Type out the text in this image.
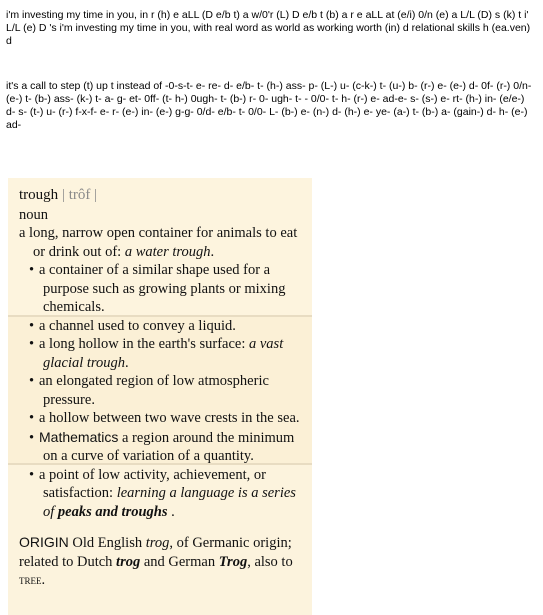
i'm investing my time in you, in r (h) e aLL (D e/b t) a w/0'r (L) D e/b t (b) a r e aLL at (e/i) 0/n (e) a L/L (D) s (k) t i' L/L (e) D 's i'm investing my time in you, with real word as world as working worth (in) d relational skills h (ea.ven) d

it's a call to step (t) up t instead of -0-s-t- e- re- d- e/b- t- (h-) ass- p- (L-) u- (c-k-) t- (u-) b- (r-) e- (e-) d- 0f- (r-) 0/n- (e-) t- (b-) ass- (k-) t- a- g- et- 0ff- (t- h-) 0ugh- t- (b-) r- 0- ugh- t- - 0/0- t- h- (r-) e- ad-e- s- (s-) e- rt- (h-) in- (e/e-) d- s- (t-) u- (r-) f-x-f- e- r- (e-) in- (e-) g-g- 0/d- e/b- t- 0/0- L- (b-) e- (n-) d- (h-) e- ye- (a-) t- (b-) a- (gain-) d- h- (e-) ad-

trough | trôf |
noun
a long, narrow open container for animals to eat or drink out of: a water trough.
• a container of a similar shape used for a purpose such as growing plants or mixing chemicals.
• a channel used to convey a liquid.
• a long hollow in the earth's surface: a vast glacial trough.
• an elongated region of low atmospheric pressure.
• a hollow between two wave crests in the sea.
• Mathematics a region around the minimum on a curve of variation of a quantity.
• a point of low activity, achievement, or satisfaction: learning a language is a series of peaks and troughs .
ORIGIN Old English trog, of Germanic origin; related to Dutch trog and German Trog, also to tree.
